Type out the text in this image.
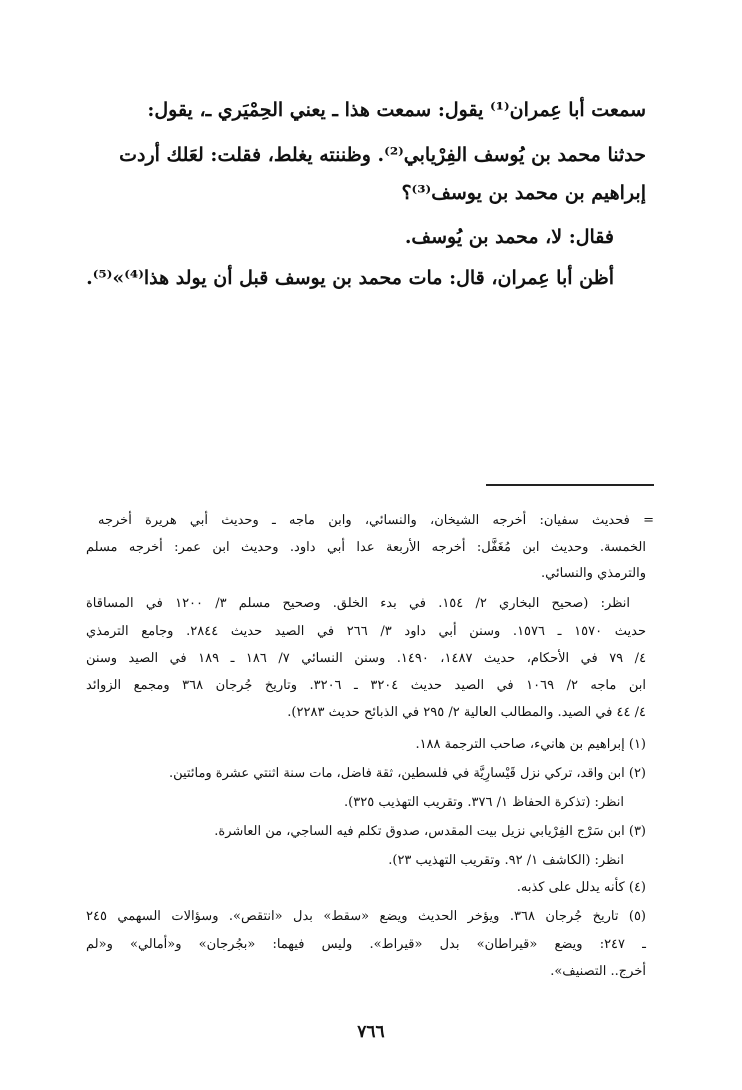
سمعت أبا عِمران⁽¹⁾ يقول: سمعت هذا ـ يعني الحِمْيَري ـ، يقول:

حدثنا محمد بن يُوسف الفِرْيابي⁽²⁾. وظننته يغلط، فقلت: لعَلك أردت

إبراهيم بن محمد بن يوسف⁽³⁾؟

فقال: لا، محمد بن يُوسف.

أظن أبا عِمران، قال: مات محمد بن يوسف قبل أن يولد هذا⁽⁴⁾»⁽⁵⁾.

= فحديث سفيان: أخرجه الشيخان، والنسائي، وابن ماجه ـ وحديث أبي هريرة أخرجه

الخمسة. وحديث ابن مُغَفَّل: أخرجه الأربعة عدا أبي داود. وحديث ابن عمر: أخرجه مسلم

والترمذي والنسائي.

انظر: (صحيح البخاري ٢/ ١٥٤. في بدء الخلق. وصحيح مسلم ٣/ ١٢٠٠ في المساقاة

حديث ١٥٧٠ ـ ١٥٧٦. وسنن أبي داود ٣/ ٢٦٦ في الصيد حديث ٢٨٤٤. وجامع الترمذي

٤/ ٧٩ في الأحكام، حديث ١٤٨٧، ١٤٩٠. وسنن النسائي ٧/ ١٨٦ ـ ١٨٩ في الصيد وسنن

ابن ماجه ٢/ ١٠٦٩ في الصيد حديث ٣٢٠٤ ـ ٣٢٠٦. وتاريخ جُرجان ٣٦٨ ومجمع الزوائد

٤/ ٤٤ في الصيد. والمطالب العالية ٢/ ٢٩٥ في الذبائح حديث ٢٢٨٣).

(١) إبراهيم بن هانيء، صاحب الترجمة ١٨٨.

(٢) ابن واقد، تركي نزل قَيْسارِيَّة في فلسطين، ثقة فاضل، مات سنة اثنتي عشرة ومائتين.

انظر: (تذكرة الحفاظ ١/ ٣٧٦. وتقريب التهذيب ٣٢٥).

(٣) ابن سَرْج الفِرْيابي نزيل بيت المقدس، صدوق تكلم فيه الساجي، من العاشرة.

انظر: (الكاشف ١/ ٩٢. وتقريب التهذيب ٢٣).

(٤) كأنه يدلل على كذبه.

(٥) تاريخ جُرجان ٣٦٨. ويؤخر الحديث ويضع «سقط» بدل «انتقص». وسؤالات السهمي ٢٤٥

ـ ٢٤٧: ويضع «قيراطان» بدل «قيراط». وليس فيهما: «بجُرجان» و«أمالي» و«لم

أخرج.. التصنيف».

٧٦٦
